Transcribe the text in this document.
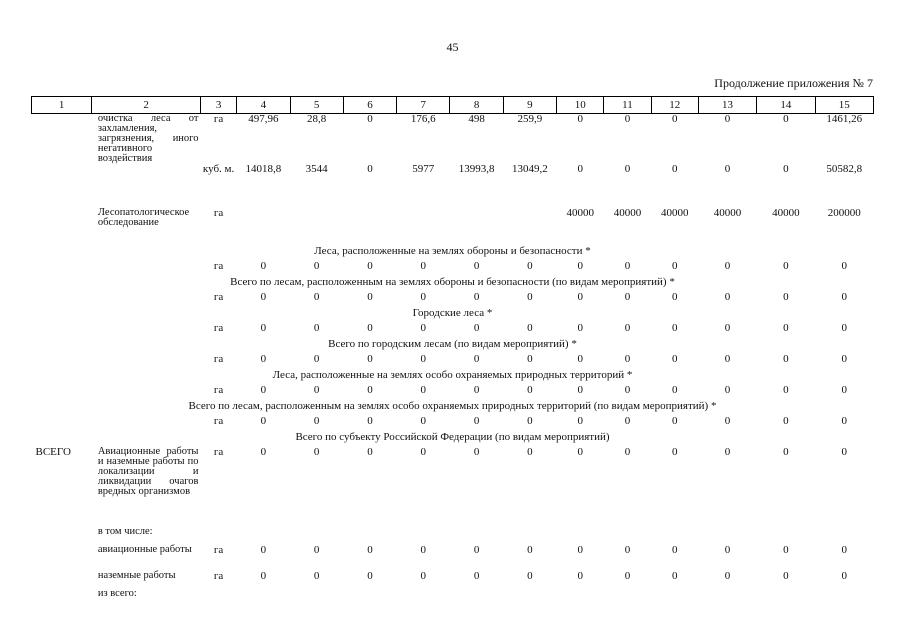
45
Продолжение приложения № 7
1	2	3	4	5	6	7	8	9	10	11	12	13	14	15
	очистка леса от захламления, загрязнения, иного негативного воздействия	га	497,96	28,8	0	176,6	498	259,9	0	0	0	0	0	1461,26
		куб. м.	14018,8	3544	0	5977	13993,8	13049,2	0	0	0	0	0	50582,8
	Лесопатологическое обследование	га							40000	40000	40000	40000	40000	200000
Леса, расположенные на землях обороны и безопасности *														
		га	0	0	0	0	0	0	0	0	0	0	0	0
Всего по лесам, расположенным на землях обороны и безопасности (по видам мероприятий) *														
		га	0	0	0	0	0	0	0	0	0	0	0	0
Городские леса *														
		га	0	0	0	0	0	0	0	0	0	0	0	0
Всего по городским лесам (по видам мероприятий) *														
		га	0	0	0	0	0	0	0	0	0	0	0	0
Леса, расположенные на землях особо охраняемых природных территорий *														
		га	0	0	0	0	0	0	0	0	0	0	0	0
Всего по лесам, расположенным на землях особо охраняемых природных территорий (по видам мероприятий) *														
		га	0	0	0	0	0	0	0	0	0	0	0	0
Всего по субъекту Российской Федерации (по видам мероприятий)														
ВСЕГО	Авиационные работы и наземные работы по локализации и ликвидации очагов вредных организмов	га	0	0	0	0	0	0	0	0	0	0	0	0
	в том числе:													
	авиационные работы	га	0	0	0	0	0	0	0	0	0	0	0	0
	наземные работы	га	0	0	0	0	0	0	0	0	0	0	0	0
	из всего:													
